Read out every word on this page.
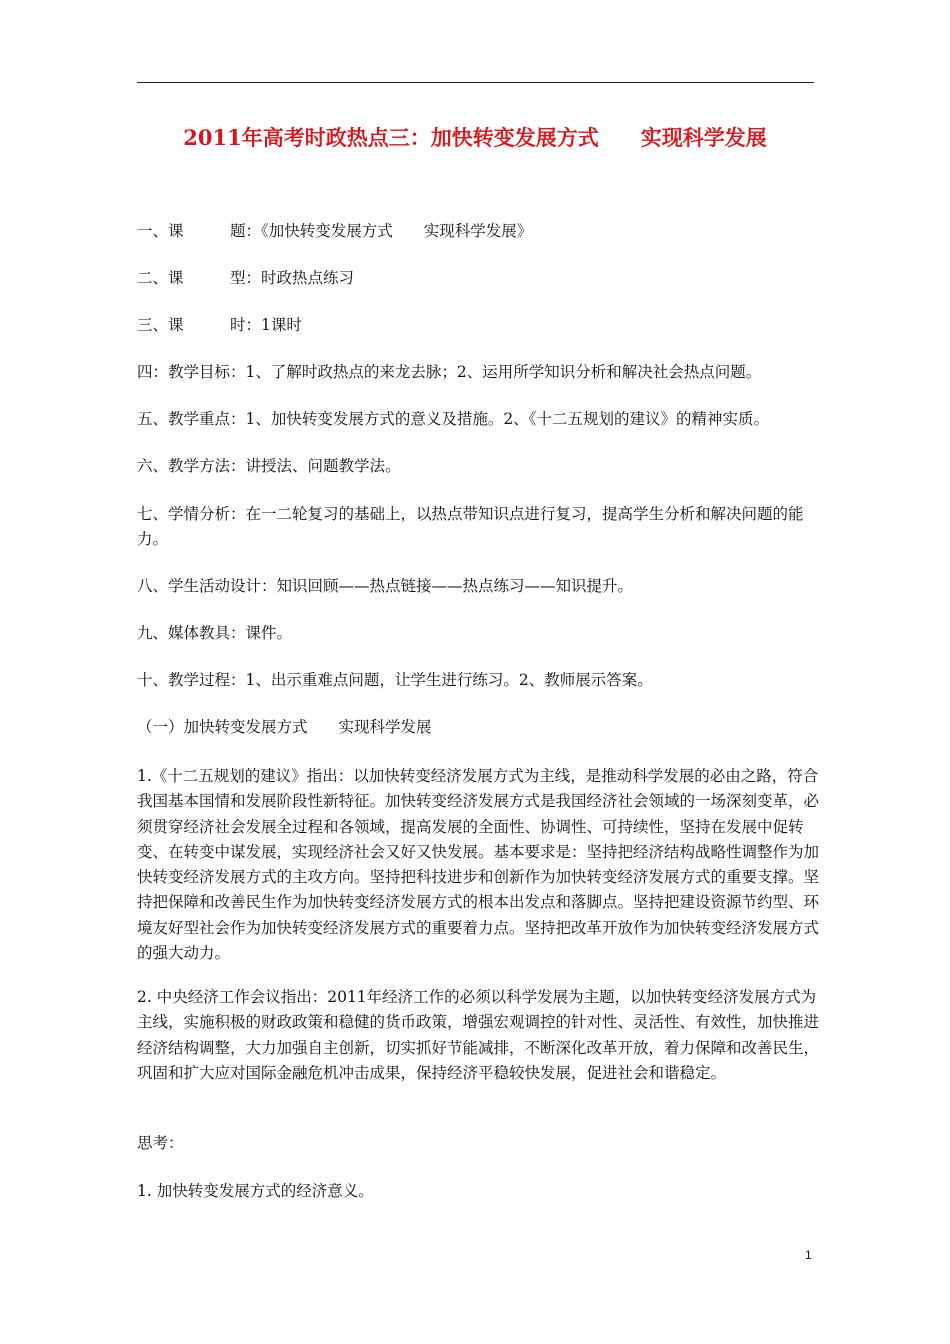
2011年高考时政热点三：加快转变发展方式　　实现科学发展
一、课　　　题：《加快转变发展方式　　实现科学发展》
二、课　　　型：时政热点练习
三、课　　　时：1课时
四：教学目标：1、了解时政热点的来龙去脉；2、运用所学知识分析和解决社会热点问题。
五、教学重点：1、加快转变发展方式的意义及措施。2、《十二五规划的建议》的精神实质。
六、教学方法：讲授法、问题教学法。
七、学情分析：在一二轮复习的基础上，以热点带知识点进行复习，提高学生分析和解决问题的能力。
八、学生活动设计：知识回顾——热点链接——热点练习——知识提升。
九、媒体教具：课件。
十、教学过程：1、出示重难点问题，让学生进行练习。2、教师展示答案。
（一）加快转变发展方式　　实现科学发展
1.《十二五规划的建议》指出：以加快转变经济发展方式为主线，是推动科学发展的必由之路，符合我国基本国情和发展阶段性新特征。加快转变经济发展方式是我国经济社会领域的一场深刻变革，必须贯穿经济社会发展全过程和各领域，提高发展的全面性、协调性、可持续性，坚持在发展中促转变、在转变中谋发展，实现经济社会又好又快发展。基本要求是：坚持把经济结构战略性调整作为加快转变经济发展方式的主攻方向。坚持把科技进步和创新作为加快转变经济发展方式的重要支撑。坚持把保障和改善民生作为加快转变经济发展方式的根本出发点和落脚点。坚持把建设资源节约型、环境友好型社会作为加快转变经济发展方式的重要着力点。坚持把改革开放作为加快转变经济发展方式的强大动力。
2. 中央经济工作会议指出：2011年经济工作的必须以科学发展为主题，以加快转变经济发展方式为主线，实施积极的财政政策和稳健的货币政策，增强宏观调控的针对性、灵活性、有效性，加快推进经济结构调整，大力加强自主创新，切实抓好节能减排，不断深化改革开放，着力保障和改善民生，巩固和扩大应对国际金融危机冲击成果，保持经济平稳较快发展，促进社会和谐稳定。
思考：
1. 加快转变发展方式的经济意义。
1
